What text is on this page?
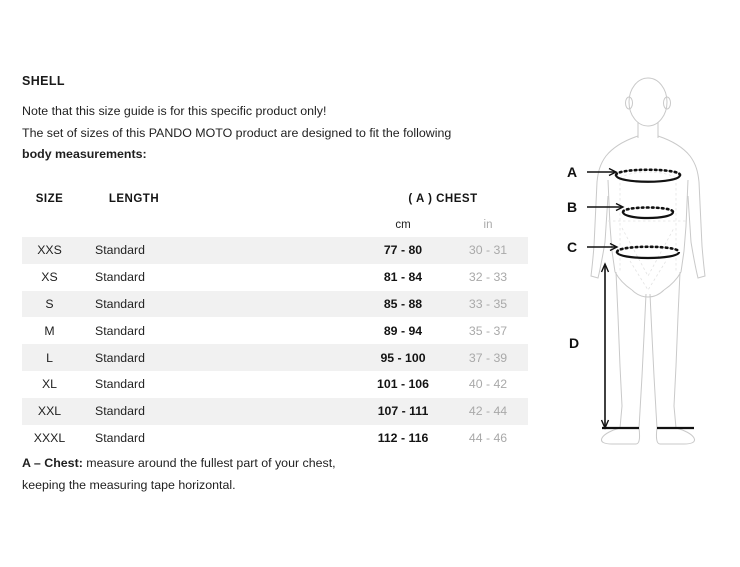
SHELL
Note that this size guide is for this specific product only!
The set of sizes of this PANDO MOTO product are designed to fit the following
body measurements:
SIZE		LENGTH		( A ) CHEST	
				cm	in
XXS		Standard		77 - 80	30 - 31
XS		Standard		81 - 84	32 - 33
S		Standard		85 - 88	33 - 35
M		Standard		89 - 94	35 - 37
L		Standard		95 - 100	37 - 39
XL		Standard		101 - 106	40 - 42
XXL		Standard		107 - 111	42 - 44
XXXL		Standard		112 - 116	44 - 46
A – Chest: measure around the fullest part of your chest,
keeping the measuring tape horizontal.
A
B
C
D
